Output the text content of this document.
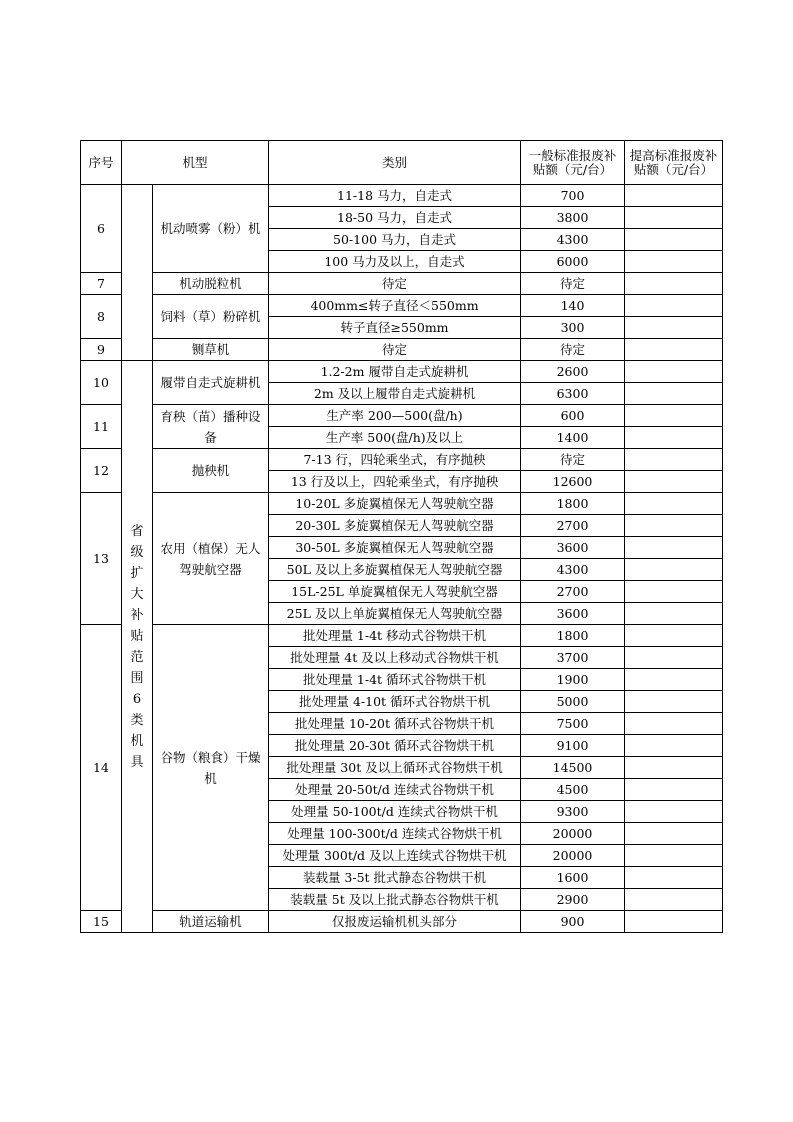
序号	机型		类别	一般标准报废补贴额（元/台）	提高标准报废补贴额（元/台）
6		机动喷雾（粉）机	11-18 马力，自走式	700	
			18-50 马力，自走式	3800	
			50-100 马力，自走式	4300	
			100 马力及以上，自走式	6000	
7		机动脱粒机	待定	待定	
8		饲料（草）粉碎机	400mm≤转子直径＜550mm	140	
			转子直径≥550mm	300	
9		铡草机	待定	待定	
10	省级扩大补贴范围6类机具	履带自走式旋耕机	1.2-2m 履带自走式旋耕机	2600	
			2m 及以上履带自走式旋耕机	6300	
11		育秧（苗）播种设备	生产率 200—500(盘/h)	600	
			生产率 500(盘/h)及以上	1400	
12		抛秧机	7-13 行，四轮乘坐式，有序抛秧	待定	
			13 行及以上，四轮乘坐式，有序抛秧	12600	
13		农用（植保）无人驾驶航空器	10-20L 多旋翼植保无人驾驶航空器	1800	
			20-30L 多旋翼植保无人驾驶航空器	2700	
			30-50L 多旋翼植保无人驾驶航空器	3600	
			50L 及以上多旋翼植保无人驾驶航空器	4300	
			15L-25L 单旋翼植保无人驾驶航空器	2700	
			25L 及以上单旋翼植保无人驾驶航空器	3600	
14		谷物（粮食）干燥机	批处理量 1-4t 移动式谷物烘干机	1800	
			批处理量 4t 及以上移动式谷物烘干机	3700	
			批处理量 1-4t 循环式谷物烘干机	1900	
			批处理量 4-10t 循环式谷物烘干机	5000	
			批处理量 10-20t 循环式谷物烘干机	7500	
			批处理量 20-30t 循环式谷物烘干机	9100	
			批处理量 30t 及以上循环式谷物烘干机	14500	
			处理量 20-50t/d 连续式谷物烘干机	4500	
			处理量 50-100t/d 连续式谷物烘干机	9300	
			处理量 100-300t/d 连续式谷物烘干机	20000	
			处理量 300t/d 及以上连续式谷物烘干机	20000	
			装载量 3-5t 批式静态谷物烘干机	1600	
			装载量 5t 及以上批式静态谷物烘干机	2900	
15		轨道运输机	仅报废运输机机头部分	900	
